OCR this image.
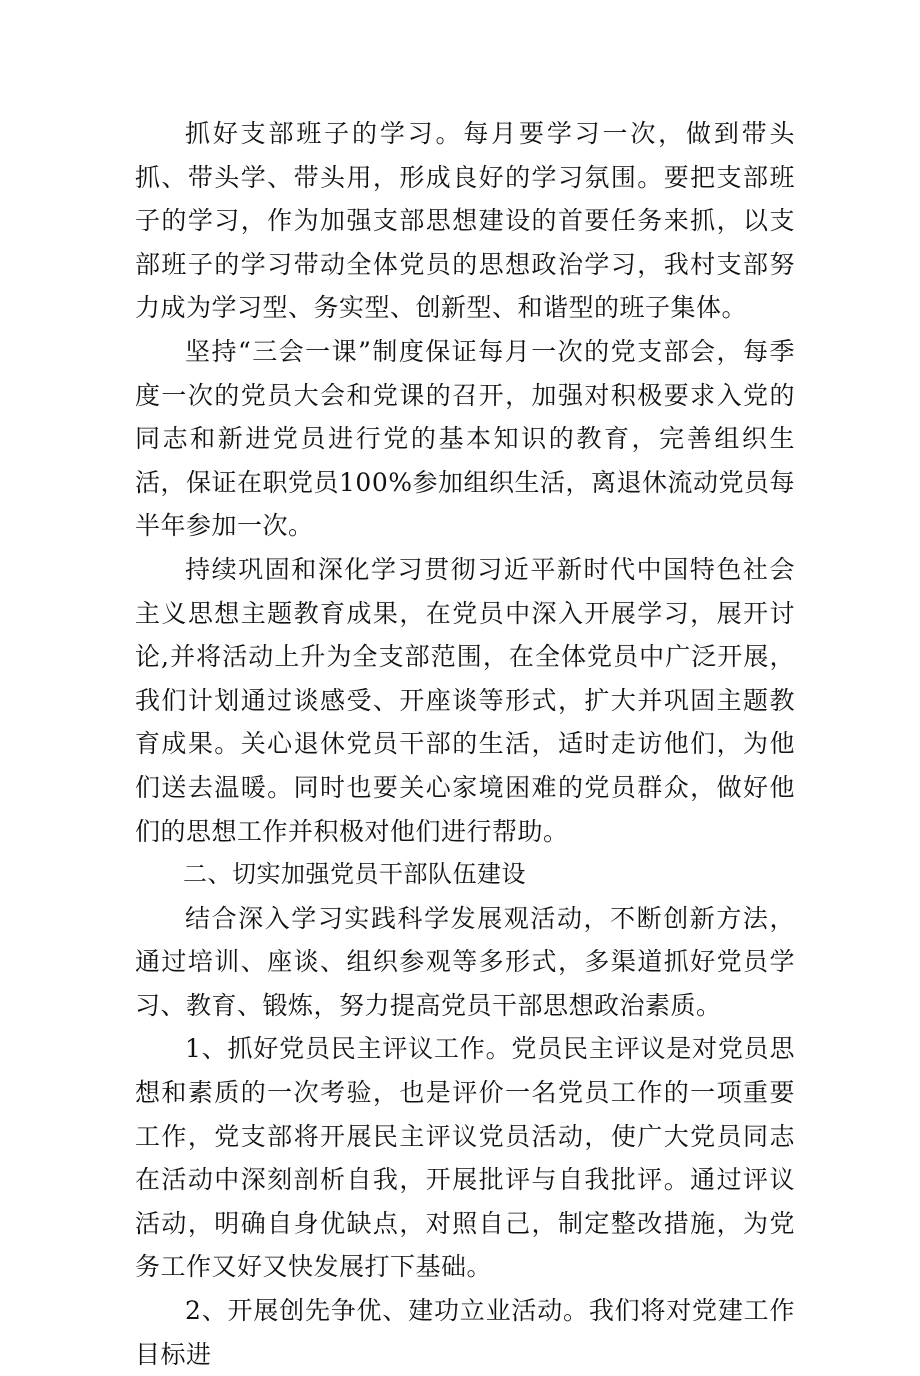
抓好支部班子的学习。每月要学习一次，做到带头抓、带头学、带头用，形成良好的学习氛围。要把支部班子的学习，作为加强支部思想建设的首要任务来抓，以支部班子的学习带动全体党员的思想政治学习，我村支部努力成为学习型、务实型、创新型、和谐型的班子集体。

坚持“三会一课”制度保证每月一次的党支部会，每季度一次的党员大会和党课的召开，加强对积极要求入党的同志和新进党员进行党的基本知识的教育，完善组织生活，保证在职党员100%参加组织生活，离退休流动党员每半年参加一次。

持续巩固和深化学习贯彻习近平新时代中国特色社会主义思想主题教育成果，在党员中深入开展学习，展开讨论,并将活动上升为全支部范围，在全体党员中广泛开展，我们计划通过谈感受、开座谈等形式，扩大并巩固主题教育成果。关心退休党员干部的生活，适时走访他们，为他们送去温暖。同时也要关心家境困难的党员群众，做好他们的思想工作并积极对他们进行帮助。

二、切实加强党员干部队伍建设

结合深入学习实践科学发展观活动，不断创新方法，通过培训、座谈、组织参观等多形式，多渠道抓好党员学习、教育、锻炼，努力提高党员干部思想政治素质。

1、抓好党员民主评议工作。党员民主评议是对党员思想和素质的一次考验，也是评价一名党员工作的一项重要工作，党支部将开展民主评议党员活动，使广大党员同志在活动中深刻剖析自我，开展批评与自我批评。通过评议活动，明确自身优缺点，对照自己，制定整改措施，为党务工作又好又快发展打下基础。

2、开展创先争优、建功立业活动。我们将对党建工作目标进
